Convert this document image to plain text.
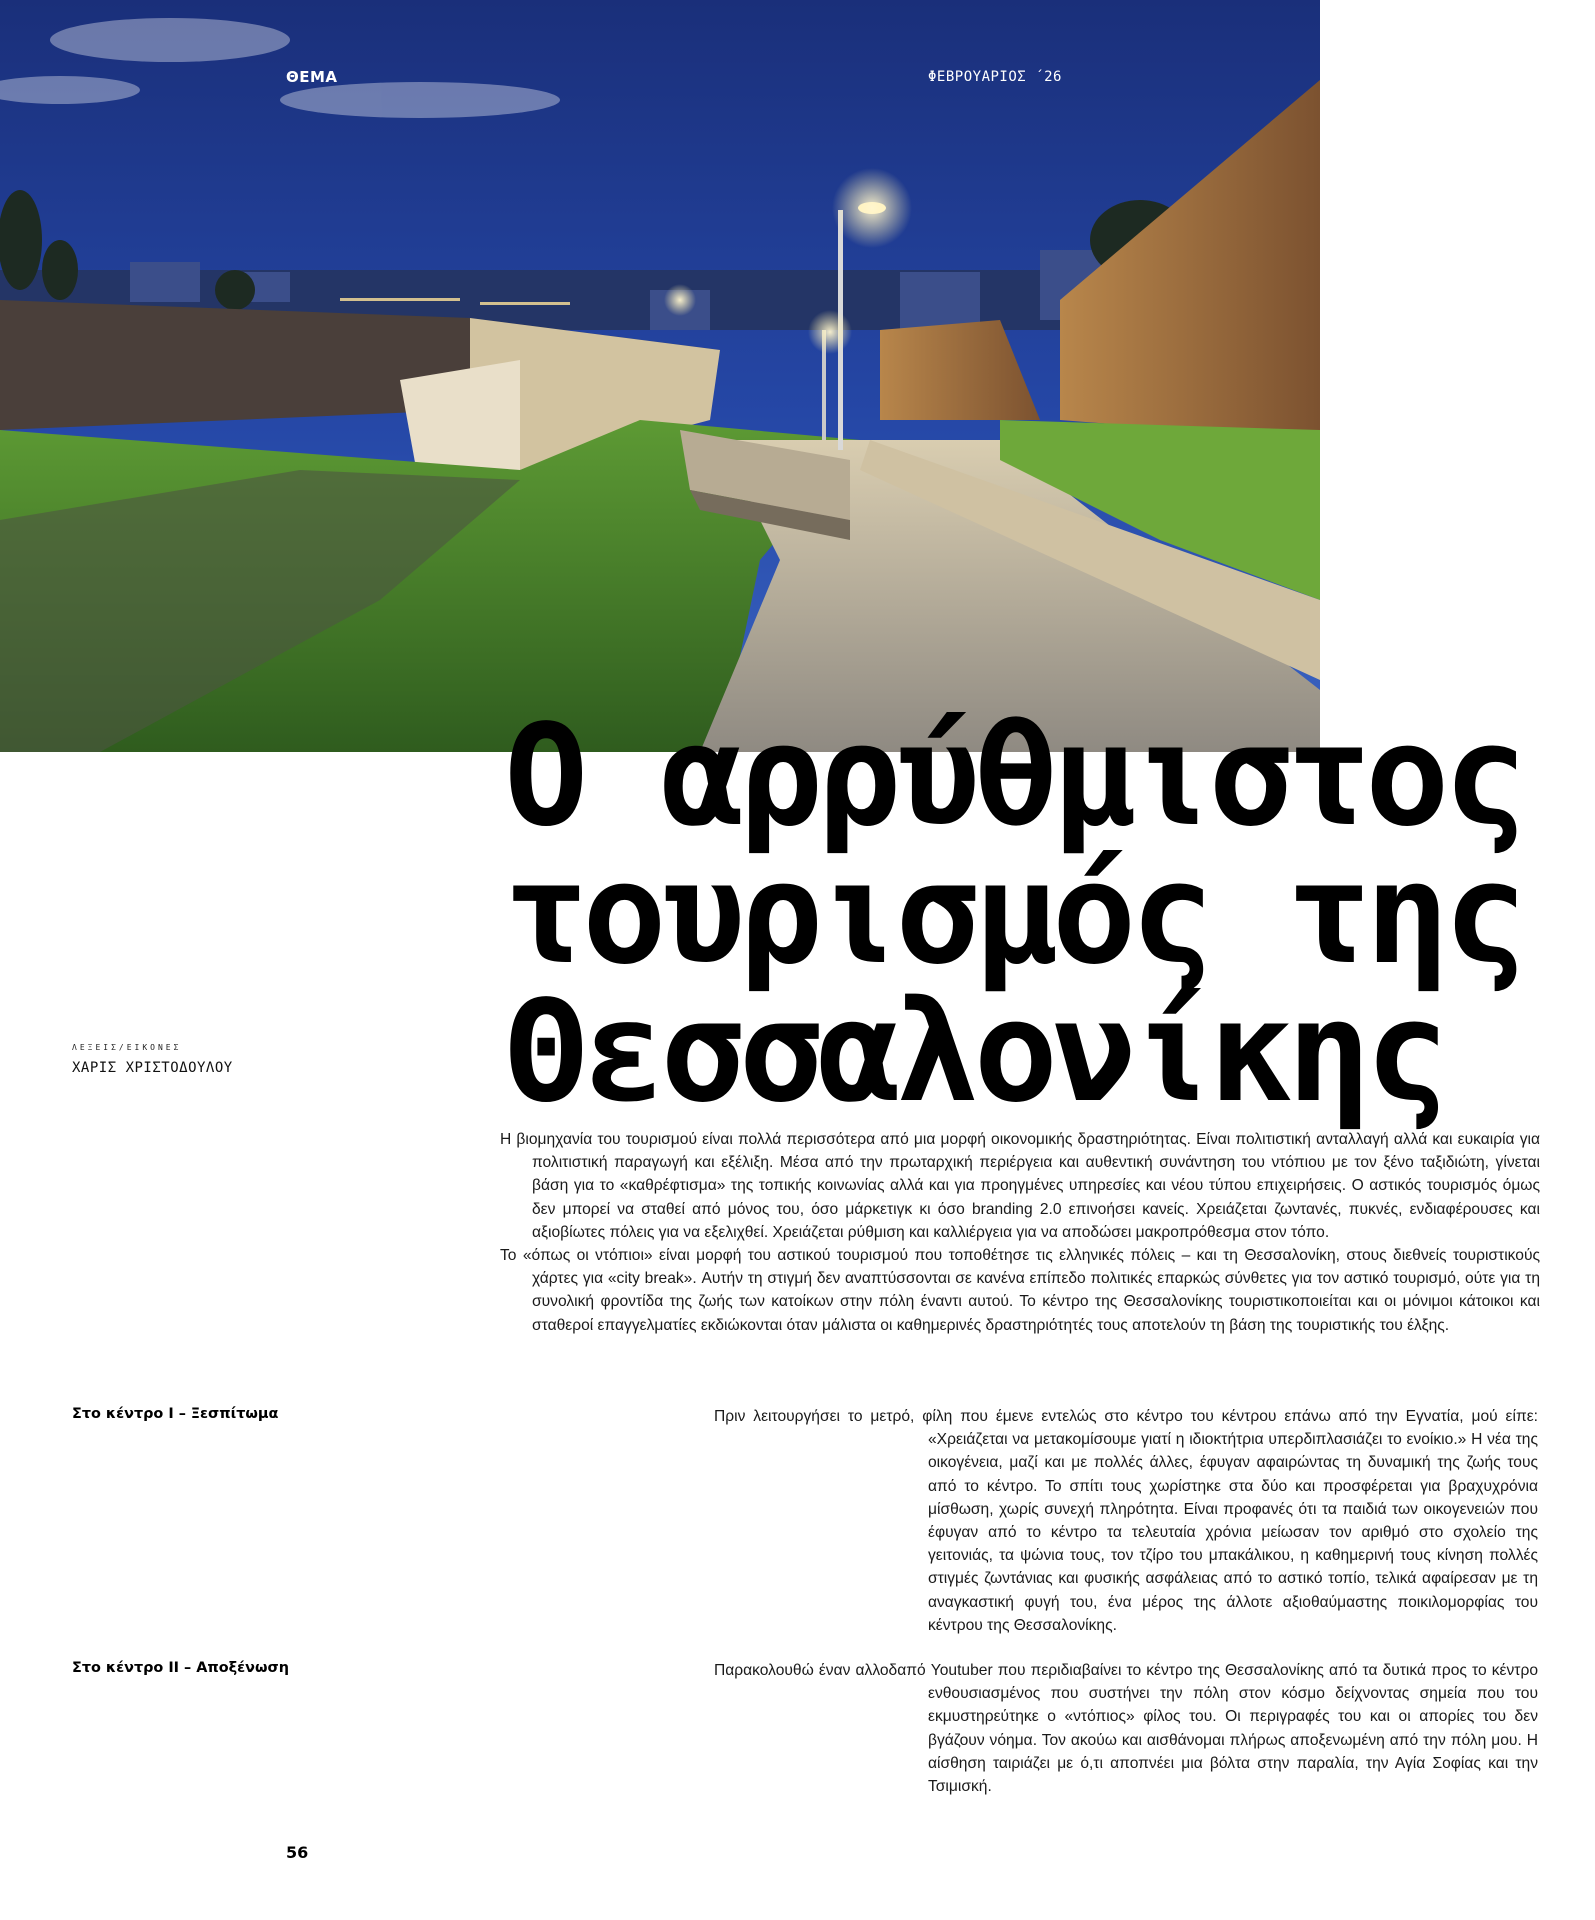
ΘΕΜΑ	ΦΕΒΡΟΥΑΡΙΟΣ ΄26
Ο αρρύθμιστος
τουρισμός της
Θεσσαλονίκης
ΛΕΞΕΙΣ/ΕΙΚΟΝΕΣ
ΧΑΡΙΣ ΧΡΙΣΤΟΔΟΥΛΟΥ

Η βιομηχανία του τουρισμού είναι πολλά περισσότερα από μια μορφή οικονομικής δραστηριότητας. Είναι πολιτιστική ανταλλαγή αλλά και ευκαιρία για πολιτιστική παραγωγή και εξέλιξη. Μέσα από την πρωταρχική περιέργεια και αυθεντική συνάντηση του ντόπιου με τον ξένο ταξιδιώτη, γίνεται βάση για το «καθρέφτισμα» της τοπικής κοινωνίας αλλά και για προηγμένες υπηρεσίες και νέου τύπου επιχειρήσεις. Ο αστικός τουρισμός όμως δεν μπορεί να σταθεί από μόνος του, όσο μάρκετιγκ κι όσο branding 2.0 επινοήσει κανείς. Χρειάζεται ζωντανές, πυκνές, ενδιαφέρουσες και αξιοβίωτες πόλεις για να εξελιχθεί. Χρειάζεται ρύθμιση και καλλιέργεια για να αποδώσει μακροπρόθεσμα στον τόπο.

Το «όπως οι ντόπιοι» είναι μορφή του αστικού τουρισμού που τοποθέτησε τις ελληνικές πόλεις – και τη Θεσσαλονίκη, στους διεθνείς τουριστικούς χάρτες για «city break». Αυτήν τη στιγμή δεν αναπτύσσονται σε κανένα επίπεδο πολιτικές επαρκώς σύνθετες για τον αστικό τουρισμό, ούτε για τη συνολική φροντίδα της ζωής των κατοίκων στην πόλη έναντι αυτού. Το κέντρο της Θεσσαλονίκης τουριστικοποιείται και οι μόνιμοι κάτοικοι και σταθεροί επαγγελματίες εκδιώκονται όταν μάλιστα οι καθημερινές δραστηριότητές τους αποτελούν τη βάση της τουριστικής του έλξης.

Στο κέντρο Ι – Ξεσπίτωμα	Πριν λειτουργήσει το μετρό, φίλη που έμενε εντελώς στο κέντρο του κέντρου επάνω από την Εγνατία, μού είπε: «Χρειάζεται να μετακομίσουμε γιατί η ιδιοκτήτρια υπερδιπλασιάζει το ενοίκιο.» Η νέα της οικογένεια, μαζί και με πολλές άλλες, έφυγαν αφαιρώντας τη δυναμική της ζωής τους από το κέντρο. Το σπίτι τους χωρίστηκε στα δύο και προσφέρεται για βραχυχρόνια μίσθωση, χωρίς συνεχή πληρότητα. Είναι προφανές ότι τα παιδιά των οικογενειών που έφυγαν από το κέντρο τα τελευταία χρόνια μείωσαν τον αριθμό στο σχολείο της γειτονιάς, τα ψώνια τους, τον τζίρο του μπακάλικου, η καθημερινή τους κίνηση πολλές στιγμές ζωντάνιας και φυσικής ασφάλειας από το αστικό τοπίο, τελικά αφαίρεσαν με τη αναγκαστική φυγή του, ένα μέρος της άλλοτε αξιοθαύμαστης ποικιλομορφίας του κέντρου της Θεσσαλονίκης.

Στο κέντρο ΙΙ – Αποξένωση	Παρακολουθώ έναν αλλοδαπό Youtuber που περιδιαβαίνει το κέντρο της Θεσσαλονίκης από τα δυτικά προς το κέντρο ενθουσιασμένος που συστήνει την πόλη στον κόσμο δείχνοντας σημεία που του εκμυστηρεύτηκε ο «ντόπιος» φίλος του. Οι περιγραφές του και οι απορίες του δεν βγάζουν νόημα. Τον ακούω και αισθάνομαι πλήρως αποξενωμένη από την πόλη μου. Η αίσθηση ταιριάζει με ό,τι αποπνέει μια βόλτα στην παραλία, την Αγία Σοφίας και την Τσιμισκή.

56
